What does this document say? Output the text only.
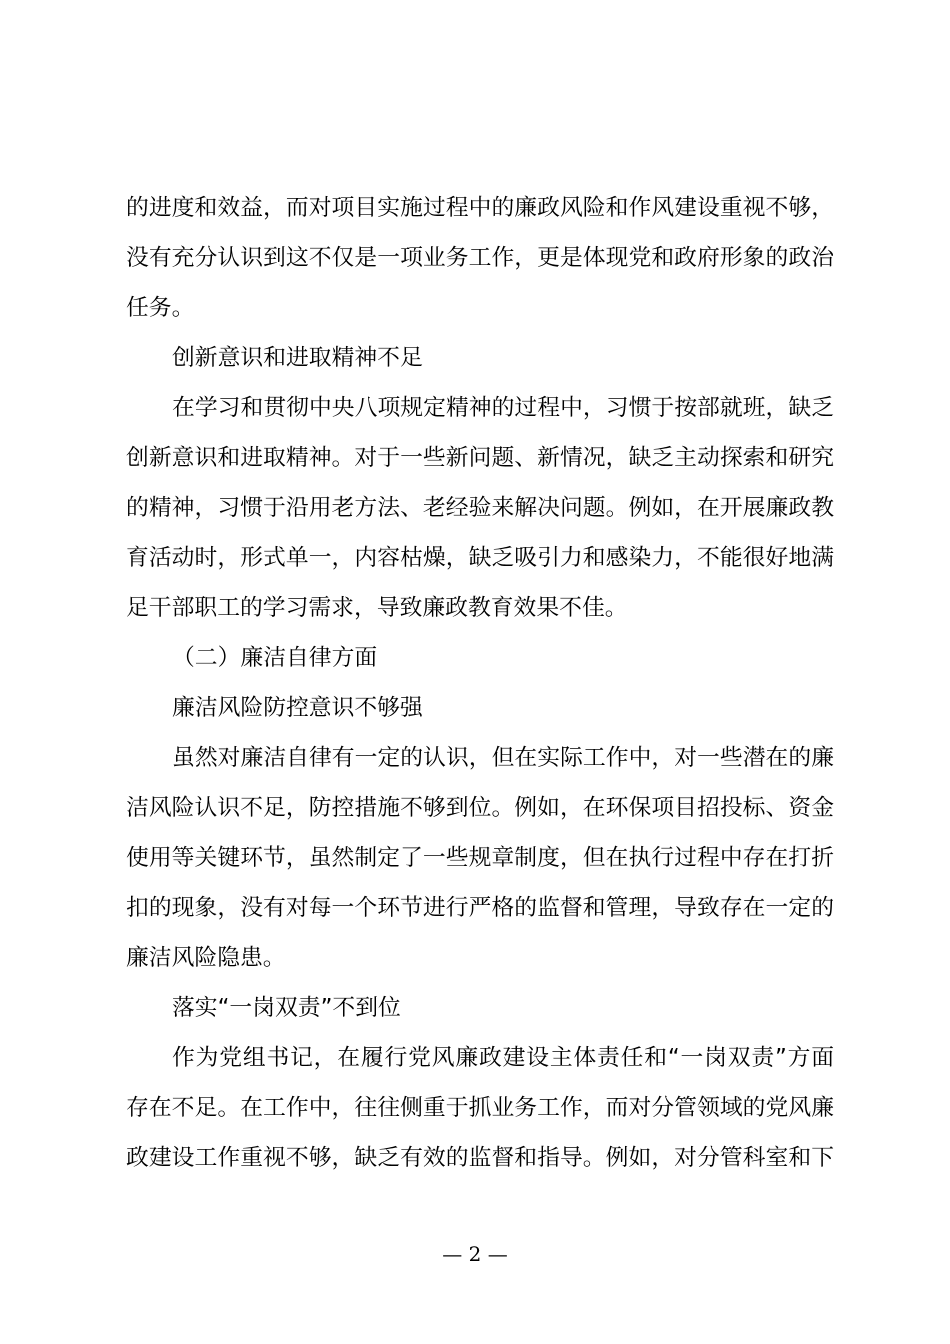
的进度和效益，而对项目实施过程中的廉政风险和作风建设重视不够，
没有充分认识到这不仅是一项业务工作，更是体现党和政府形象的政治
任务。
创新意识和进取精神不足
在学习和贯彻中央八项规定精神的过程中，习惯于按部就班，缺乏
创新意识和进取精神。对于一些新问题、新情况，缺乏主动探索和研究
的精神，习惯于沿用老方法、老经验来解决问题。例如，在开展廉政教
育活动时，形式单一，内容枯燥，缺乏吸引力和感染力，不能很好地满
足干部职工的学习需求，导致廉政教育效果不佳。
（二）廉洁自律方面
廉洁风险防控意识不够强
虽然对廉洁自律有一定的认识，但在实际工作中，对一些潜在的廉
洁风险认识不足，防控措施不够到位。例如，在环保项目招投标、资金
使用等关键环节，虽然制定了一些规章制度，但在执行过程中存在打折
扣的现象，没有对每一个环节进行严格的监督和管理，导致存在一定的
廉洁风险隐患。
落实“一岗双责”不到位
作为党组书记，在履行党风廉政建设主体责任和“一岗双责”方面
存在不足。在工作中，往往侧重于抓业务工作，而对分管领域的党风廉
政建设工作重视不够，缺乏有效的监督和指导。例如，对分管科室和下
— 2 —
